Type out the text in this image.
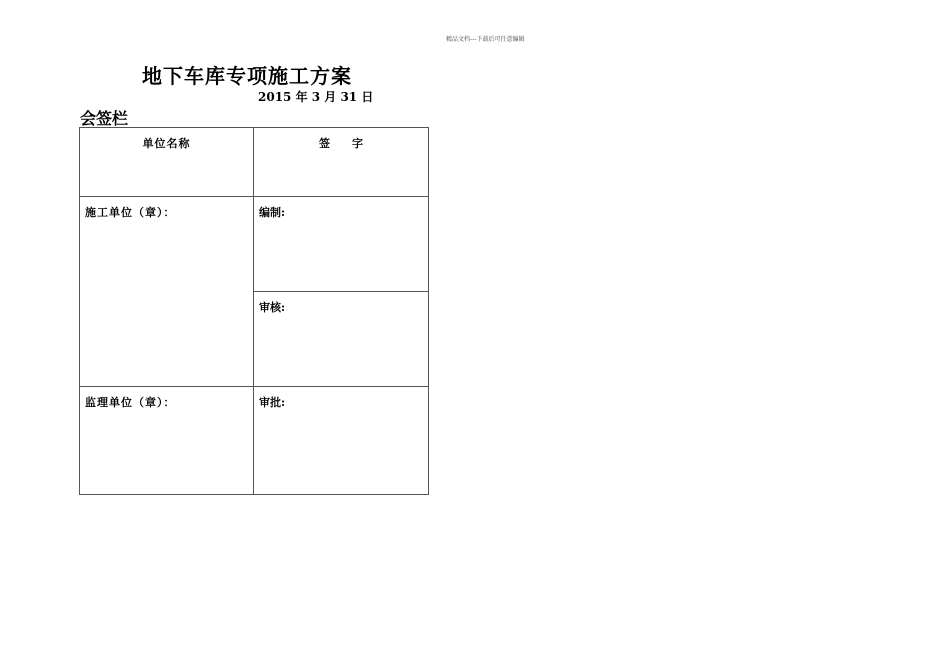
精品文档---下载后可任意编辑
地下车库专项施工方案
2015 年 3 月 31 日
会签栏
单位名称	签　　字
施工单位（章）：	编制:
	审核:
监理单位（章）：	审批:
